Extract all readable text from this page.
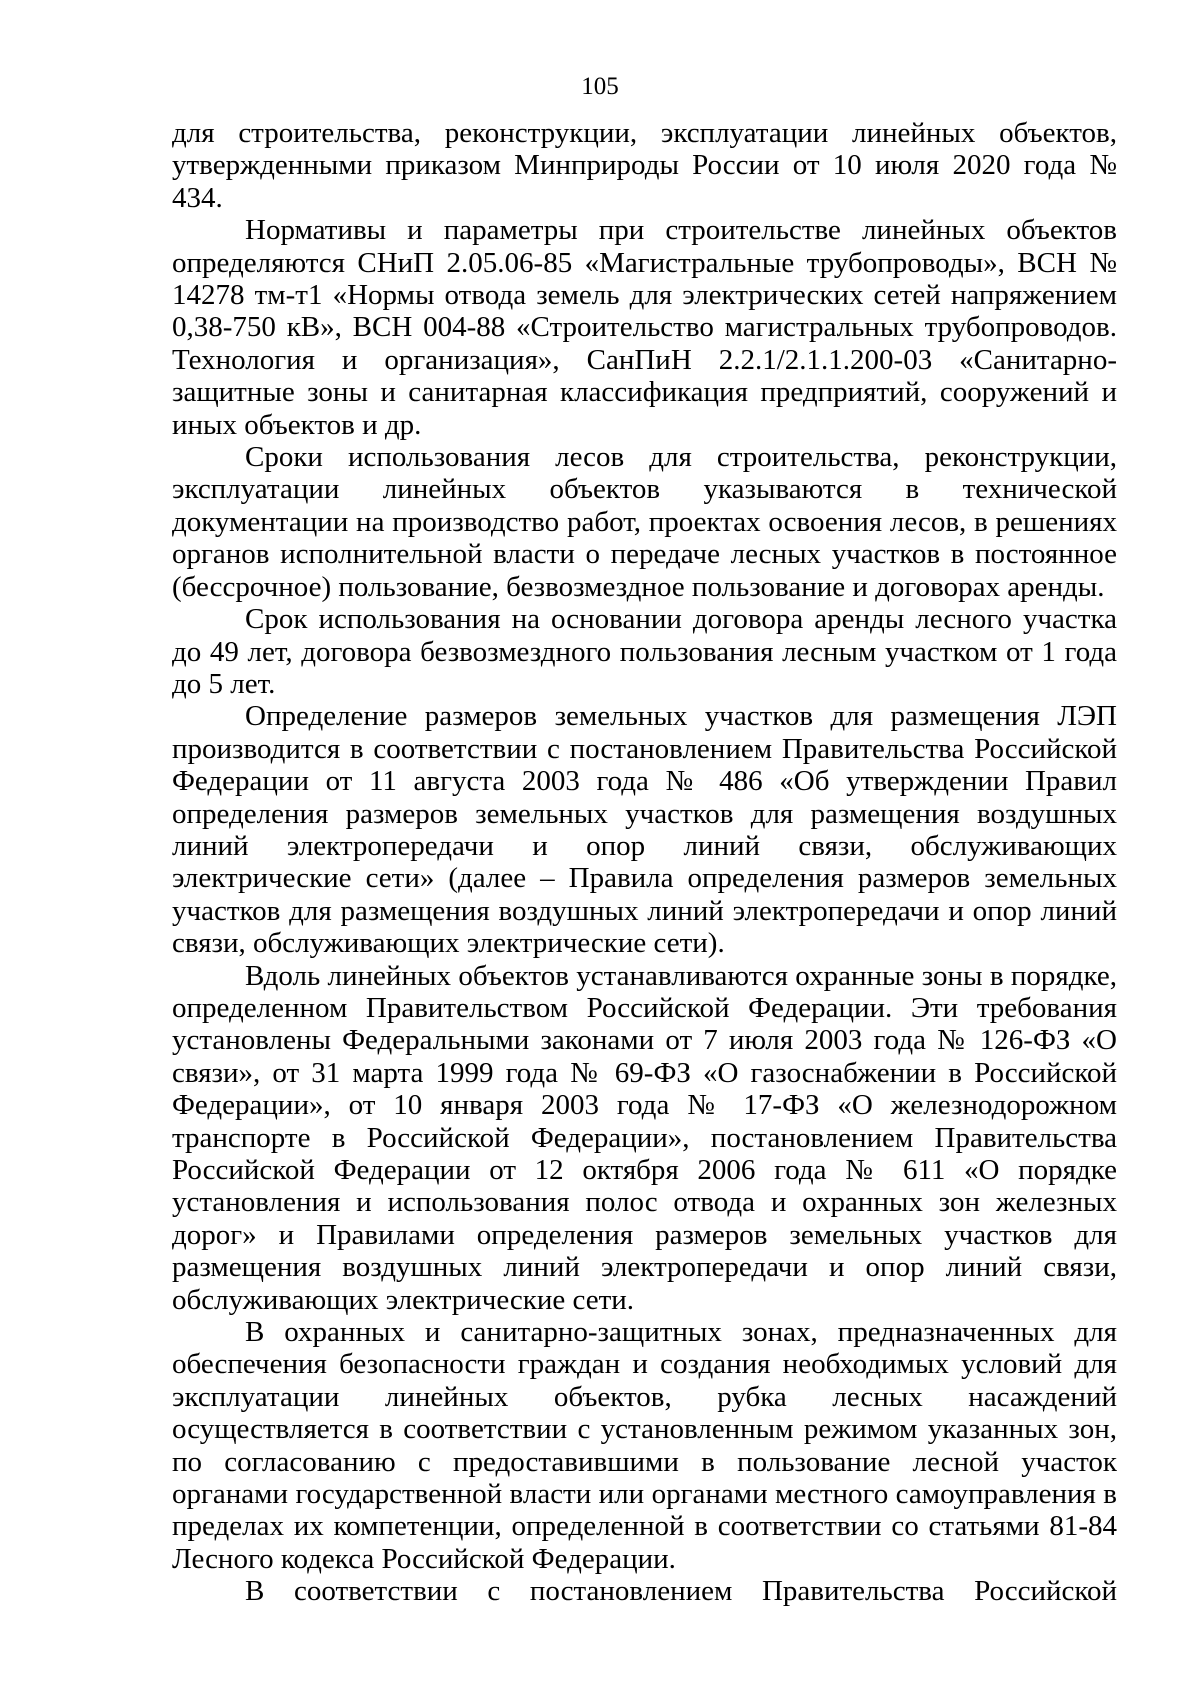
105

для строительства, реконструкции, эксплуатации линейных объектов, утвержденными приказом Минприроды России от 10 июля 2020 года № 434.

Нормативы и параметры при строительстве линейных объектов определяются СНиП 2.05.06-85 «Магистральные трубопроводы», ВСН № 14278 тм-т1 «Нормы отвода земель для электрических сетей напряжением 0,38-750 кВ», ВСН 004-88 «Строительство магистральных трубопроводов. Технология и организация», СанПиН 2.2.1/2.1.1.200-03 «Санитарно-защитные зоны и санитарная классификация предприятий, сооружений и иных объектов и др.

Сроки использования лесов для строительства, реконструкции, эксплуатации линейных объектов указываются в технической документации на производство работ, проектах освоения лесов, в решениях органов исполнительной власти о передаче лесных участков в постоянное (бессрочное) пользование, безвозмездное пользование и договорах аренды.

Срок использования на основании договора аренды лесного участка до 49 лет, договора безвозмездного пользования лесным участком от 1 года до 5 лет.

Определение размеров земельных участков для размещения ЛЭП производится в соответствии с постановлением Правительства Российской Федерации от 11 августа 2003 года № 486 «Об утверждении Правил определения размеров земельных участков для размещения воздушных линий электропередачи и опор линий связи, обслуживающих электрические сети» (далее – Правила определения размеров земельных участков для размещения воздушных линий электропередачи и опор линий связи, обслуживающих электрические сети).

Вдоль линейных объектов устанавливаются охранные зоны в порядке, определенном Правительством Российской Федерации. Эти требования установлены Федеральными законами от 7 июля 2003 года № 126-ФЗ «О связи», от 31 марта 1999 года № 69-ФЗ «О газоснабжении в Российской Федерации», от 10 января 2003 года № 17-ФЗ «О железнодорожном транспорте в Российской Федерации», постановлением Правительства Российской Федерации от 12 октября 2006 года № 611 «О порядке установления и использования полос отвода и охранных зон железных дорог» и Правилами определения размеров земельных участков для размещения воздушных линий электропередачи и опор линий связи, обслуживающих электрические сети.

В охранных и санитарно-защитных зонах, предназначенных для обеспечения безопасности граждан и создания необходимых условий для эксплуатации линейных объектов, рубка лесных насаждений осуществляется в соответствии с установленным режимом указанных зон, по согласованию с предоставившими в пользование лесной участок органами государственной власти или органами местного самоуправления в пределах их компетенции, определенной в соответствии со статьями 81-84 Лесного кодекса Российской Федерации.

В соответствии с постановлением Правительства Российской
